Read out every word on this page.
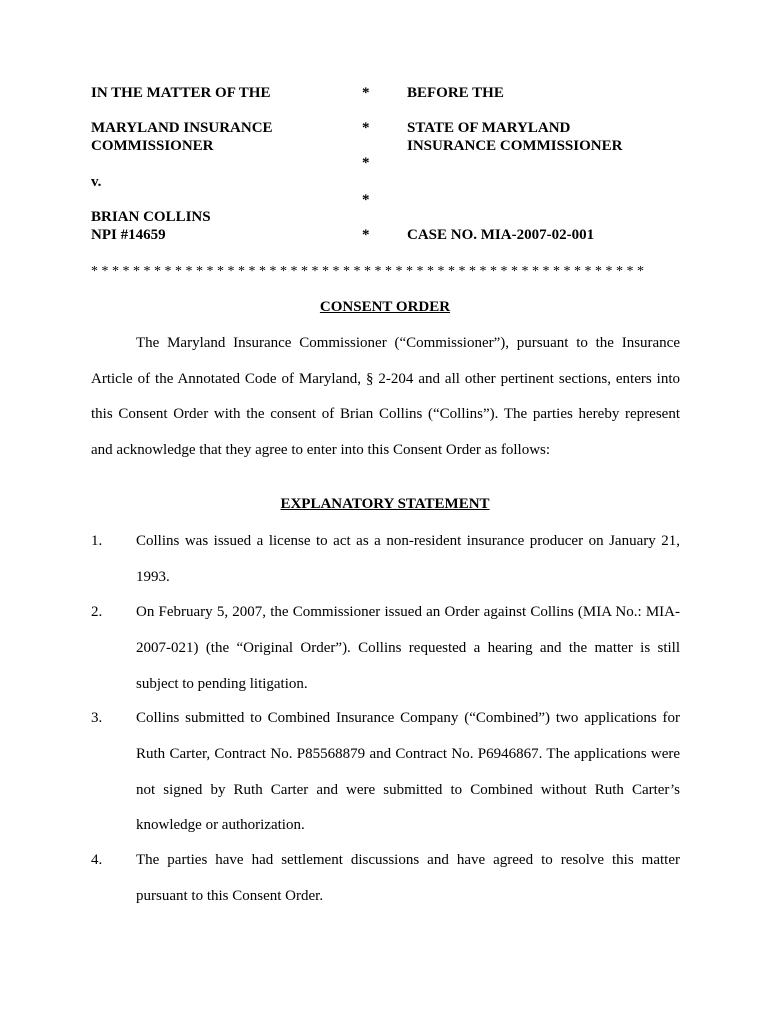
IN THE MATTER OF THE
MARYLAND INSURANCE
COMMISSIONER
v.
BRIAN COLLINS
NPI #14659
*
*
*
*
*
BEFORE THE
STATE OF MARYLAND
INSURANCE COMMISSIONER
CASE NO. MIA-2007-02-001
* * * * * * * * * * * * * * * * * * * * * * * * * * * * * * * * * * * * * * * * * * * * * * * * * * * * *
CONSENT ORDER

The Maryland Insurance Commissioner (“Commissioner”), pursuant to the Insurance Article of the Annotated Code of Maryland, § 2-204 and all other pertinent sections, enters into this Consent Order with the consent of Brian Collins (“Collins”). The parties hereby represent and acknowledge that they agree to enter into this Consent Order as follows:

EXPLANATORY STATEMENT
1. Collins was issued a license to act as a non-resident insurance producer on January 21, 1993.

2. On February 5, 2007, the Commissioner issued an Order against Collins (MIA No.: MIA-2007-021) (the “Original Order”). Collins requested a hearing and the matter is still subject to pending litigation.

3. Collins submitted to Combined Insurance Company (“Combined”) two applications for Ruth Carter, Contract No. P85568879 and Contract No. P6946867. The applications were not signed by Ruth Carter and were submitted to Combined without Ruth Carter’s knowledge or authorization.

4. The parties have had settlement discussions and have agreed to resolve this matter pursuant to this Consent Order.
